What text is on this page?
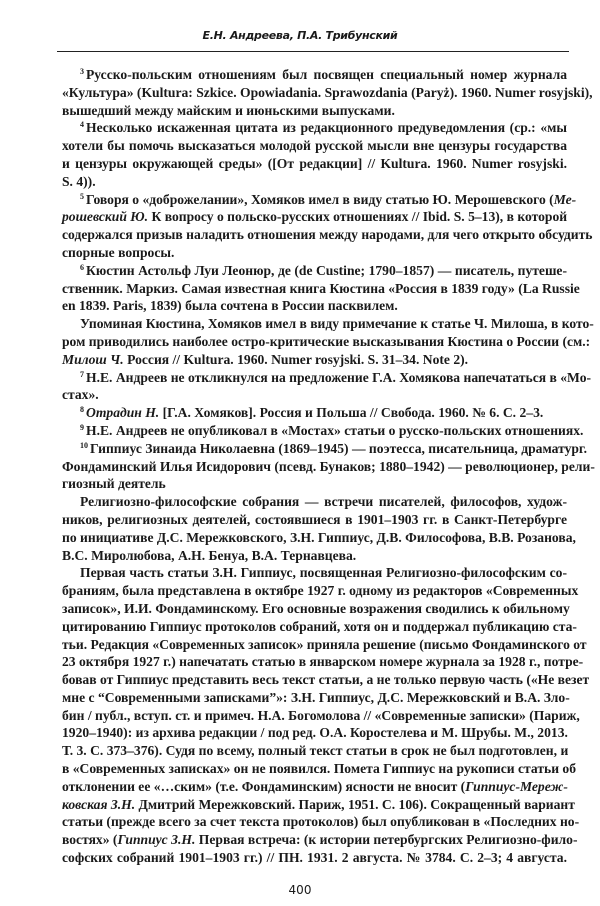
Е.Н. Андреева, П.А. Трибунский
$^3$ Русско-польским отношениям был посвящен специальный номер журнала
«Культура» (Kultura: Szkice. Opowiadania. Sprawozdania (Paryż). 1960. Numer rosyjski),
вышедший между майским и июньскими выпусками.
$^4$ Несколько искаженная цитата из редакционного предуведомления (ср.: «мы
хотели бы помочь высказаться молодой русской мысли вне цензуры государства
и цензуры окружающей среды» ([От редакции] // Kultura. 1960. Numer rosyjski.
S. 4)).
$^5$ Говоря о «доброжелании», Хомяков имел в виду статью Ю. Мерошевского (Ме-
рошевский Ю. К вопросу о польско-русских отношениях // Ibid. S. 5–13), в которой
содержался призыв наладить отношения между народами, для чего открыто обсудить
спорные вопросы.
$^6$ Кюстин Астольф Луи Леонюр, де (de Custine; 1790–1857) — писатель, путеше-
ственник. Маркиз. Самая известная книга Кюстина «Россия в 1839 году» (La Russie
en 1839. Paris, 1839) была сочтена в России пасквилем.
Упоминая Кюстина, Хомяков имел в виду примечание к статье Ч. Милоша, в кото-
ром приводились наиболее остро-критические высказывания Кюстина о России (см.:
Милош Ч. Россия // Kultura. 1960. Numer rosyjski. S. 31–34. Note 2).
$^7$ Н.Е. Андреев не откликнулся на предложение Г.А. Хомякова напечататься в «Мо-
стах».
$^8$ Отрадин Н. [Г.А. Хомяков]. Россия и Польша // Свобода. 1960. № 6. С. 2–3.
$^9$ Н.Е. Андреев не опубликовал в «Мостах» статьи о русско-польских отношениях.
$^{10}$ Гиппиус Зинаида Николаевна (1869–1945) — поэтесса, писательница, драматург.
Фондаминский Илья Исидорович (псевд. Бунаков; 1880–1942) — революционер, рели-
гиозный деятель
Религиозно-философские собрания — встречи писателей, философов, худож-
ников, религиозных деятелей, состоявшиеся в 1901–1903 гг. в Санкт-Петербурге
по инициативе Д.С. Мережковского, З.Н. Гиппиус, Д.В. Философова, В.В. Розанова,
В.С. Миролюбова, А.Н. Бенуа, В.А. Тернавцева.
Первая часть статьи З.Н. Гиппиус, посвященная Религиозно-философским со-
браниям, была представлена в октябре 1927 г. одному из редакторов «Современных
записок», И.И. Фондаминскому. Его основные возражения сводились к обильному
цитированию Гиппиус протоколов собраний, хотя он и поддержал публикацию ста-
тьи. Редакция «Современных записок» приняла решение (письмо Фондаминского от
23 октября 1927 г.) напечатать статью в январском номере журнала за 1928 г., потре-
бовав от Гиппиус представить весь текст статьи, а не только первую часть («Не везет
мне с “Современными записками”»: З.Н. Гиппиус, Д.С. Мережковский и В.А. Зло-
бин / публ., вступ. ст. и примеч. Н.А. Богомолова // «Современные записки» (Париж,
1920–1940): из архива редакции / под ред. О.А. Коростелева и М. Шрубы. М., 2013.
Т. 3. С. 373–376). Судя по всему, полный текст статьи в срок не был подготовлен, и
в «Современных записках» он не появился. Помета Гиппиус на рукописи статьи об
отклонении ее «…ским» (т.е. Фондаминским) ясности не вносит (Гиппиус-Мереж-
ковская З.Н. Дмитрий Мережковский. Париж, 1951. С. 106). Сокращенный вариант
статьи (прежде всего за счет текста протоколов) был опубликован в «Последних но-
востях» (Гиппиус З.Н. Первая встреча: (к истории петербургских Религиозно-фило-
софских собраний 1901–1903 гг.) // ПН. 1931. 2 августа. № 3784. С. 2–3; 4 августа.
400
